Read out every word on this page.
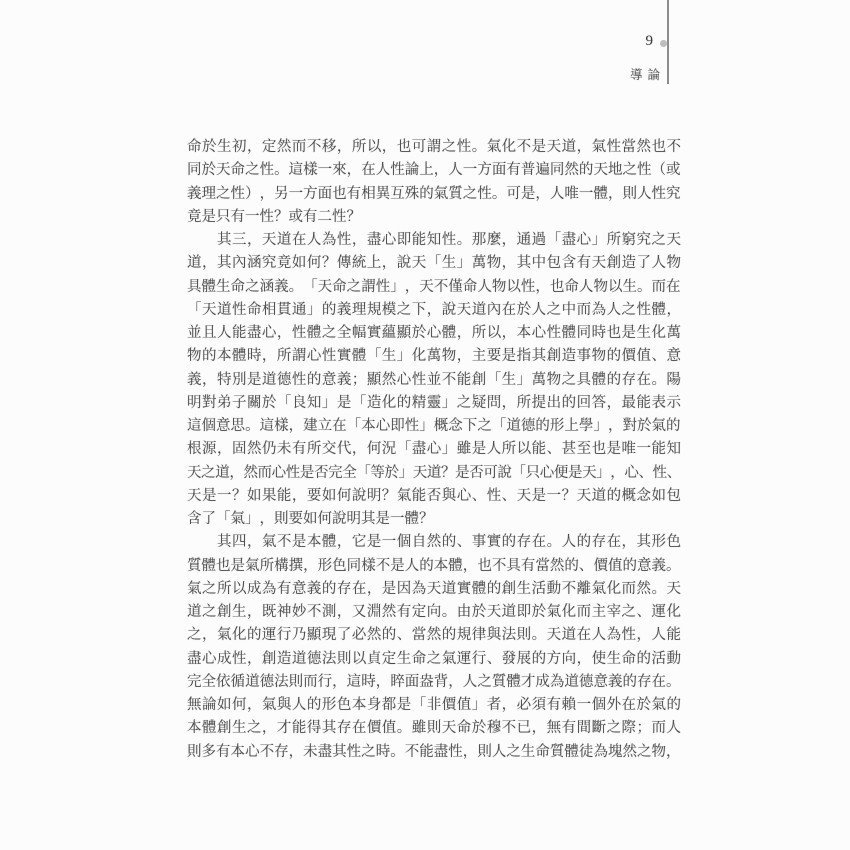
9
導論
命 於 生 初 ， 定 然 而 不 移 ， 所 以 ， 也 可 謂 之 性 。 氣 化 不 是 天 道 ， 氣 性 當 然 也 不
同 於 天 命 之 性 。 這 樣 一 來 ， 在 人 性 論 上 ， 人 一 方 面 有 普 遍 同 然 的 天 地 之 性 （ 或
義 理 之 性 ） ， 另 一 方 面 也 有 相 異 互 殊 的 氣 質 之 性 。 可 是 ， 人 唯 一 體 ， 則 人 性 究
竟 是 只 有 一 性 ？ 或 有 二 性 ？

其 三 ， 天 道 在 人 為 性 ， 盡 心 即 能 知 性 。 那 麼 ， 通 過 「 盡 心 」 所 窮 究 之 天
道 ， 其 內 涵 究 竟 如 何 ？ 傳 統 上 ， 說 天 「 生 」 萬 物 ， 其 中 包 含 有 天 創 造 了 人 物
具 體 生 命 之 涵 義 。 「 天 命 之 謂 性 」 ， 天 不 僅 命 人 物 以 性 ， 也 命 人 物 以 生 。 而 在
「 天 道 性 命 相 貫 通 」 的 義 理 規 模 之 下 ， 說 天 道 內 在 於 人 之 中 而 為 人 之 性 體 ，
並 且 人 能 盡 心 ， 性 體 之 全 幅 實 蘊 顯 於 心 體 ， 所 以 ， 本 心 性 體 同 時 也 是 生 化 萬
物 的 本 體 時 ， 所 謂 心 性 實 體 「 生 」 化 萬 物 ， 主 要 是 指 其 創 造 事 物 的 價 值 、 意
義 ， 特 別 是 道 德 性 的 意 義 ； 顯 然 心 性 並 不 能 創 「 生 」 萬 物 之 具 體 的 存 在 。 陽
明 對 弟 子 關 於 「 良 知 」 是 「 造 化 的 精 靈 」 之 疑 問 ， 所 提 出 的 回 答 ， 最 能 表 示
這 個 意 思 。 這 樣 ， 建 立 在 「 本 心 即 性 」 概 念 下 之 「 道 德 的 形 上 學 」 ， 對 於 氣 的
根 源 ， 固 然 仍 未 有 所 交 代 ， 何 況 「 盡 心 」 雖 是 人 所 以 能 、 甚 至 也 是 唯 一 能 知
天 之 道 ， 然 而 心 性 是 否 完 全 「 等 於 」 天 道 ？ 是 否 可 說 「 只 心 便 是 天 」 ， 心 、 性 、
天 是 一 ？ 如 果 能 ， 要 如 何 說 明 ？ 氣 能 否 與 心 、 性 、 天 是 一 ？ 天 道 的 概 念 如 包
含 了 「 氣 」 ， 則 要 如 何 說 明 其 是 一 體 ？

其 四 ， 氣 不 是 本 體 ， 它 是 一 個 自 然 的 、 事 實 的 存 在 。 人 的 存 在 ， 其 形 色
質 體 也 是 氣 所 構 撰 ， 形 色 同 樣 不 是 人 的 本 體 ， 也 不 具 有 當 然 的 、 價 值 的 意 義 。
氣 之 所 以 成 為 有 意 義 的 存 在 ， 是 因 為 天 道 實 體 的 創 生 活 動 不 離 氣 化 而 然 。 天
道 之 創 生 ， 既 神 妙 不 測 ， 又 淵 然 有 定 向 。 由 於 天 道 即 於 氣 化 而 主 宰 之 、 運 化
之 ， 氣 化 的 運 行 乃 顯 現 了 必 然 的 、 當 然 的 規 律 與 法 則 。 天 道 在 人 為 性 ， 人 能
盡 心 成 性 ， 創 造 道 德 法 則 以 貞 定 生 命 之 氣 運 行 、 發 展 的 方 向 ， 使 生 命 的 活 動
完 全 依 循 道 德 法 則 而 行 ， 這 時 ， 睟 面 盎 背 ， 人 之 質 體 才 成 為 道 德 意 義 的 存 在 。
無 論 如 何 ， 氣 與 人 的 形 色 本 身 都 是 「 非 價 值 」 者 ， 必 須 有 賴 一 個 外 在 於 氣 的
本 體 創 生 之 ， 才 能 得 其 存 在 價 值 。 雖 則 天 命 於 穆 不 已 ， 無 有 間 斷 之 際 ； 而 人
則 多 有 本 心 不 存 ， 未 盡 其 性 之 時 。 不 能 盡 性 ， 則 人 之 生 命 質 體 徒 為 塊 然 之 物 ，
